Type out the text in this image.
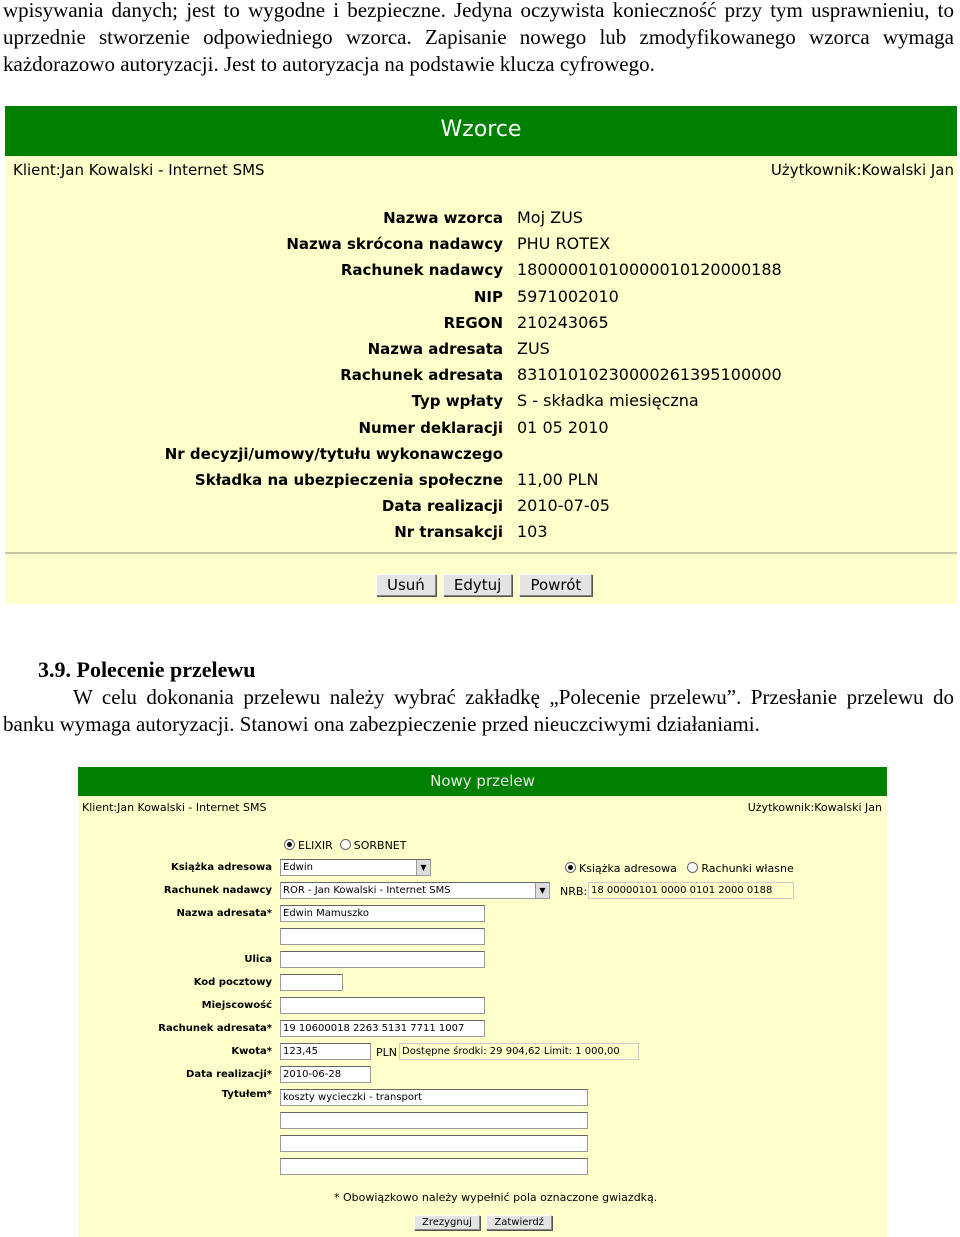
wpisywania danych; jest to wygodne i bezpieczne. Jedyna oczywista konieczność przy tym usprawnieniu, to uprzednie stworzenie odpowiedniego wzorca. Zapisanie nowego lub zmodyfikowanego wzorca wymaga każdorazowo autoryzacji. Jest to autoryzacja na podstawie klucza cyfrowego.
Wzorce
Klient:Jan Kowalski - Internet SMS	Użytkownik:Kowalski Jan
Nazwa wzorca Moj ZUS
Nazwa skrócona nadawcy PHU ROTEX
Rachunek nadawcy 18000001010000010120000188
NIP 5971002010
REGON 210243065
Nazwa adresata ZUS
Rachunek adresata 83101010230000261395100000
Typ wpłaty S - składka miesięczna
Numer deklaracji 01 05 2010
Nr decyzji/umowy/tytułu wykonawczego
Składka na ubezpieczenia społeczne 11,00 PLN
Data realizacji 2010-07-05
Nr transakcji 103
Usuń Edytuj Powrót
3.9. Polecenie przelewu
W celu dokonania przelewu należy wybrać zakładkę „Polecenie przelewu”. Przesłanie przelewu do banku wymaga autoryzacji. Stanowi ona zabezpieczenie przed nieuczciwymi działaniami.
Nowy przelew
Klient:Jan Kowalski - Internet SMS	Użytkownik:Kowalski Jan
ELIXIR SORBNET
Książka adresowa	Edwin	▼	Książka adresowa Rachunki własne
Rachunek nadawcy	ROR - Jan Kowalski - Internet SMS	▼	NRB: 18 00000101 0000 0101 2000 0188
Nazwa adresata*	Edwin Mamuszko
Ulica
Kod pocztowy
Miejscowość
Rachunek adresata*	19 10600018 2263 5131 7711 1007
Kwota*	123,45	PLN Dostępne środki: 29 904,62 Limit: 1 000,00
Data realizacji*	2010-06-28
Tytułem*	koszty wycieczki - transport
* Obowiązkowo należy wypełnić pola oznaczone gwiazdką.
Zrezygnuj Zatwierdź
